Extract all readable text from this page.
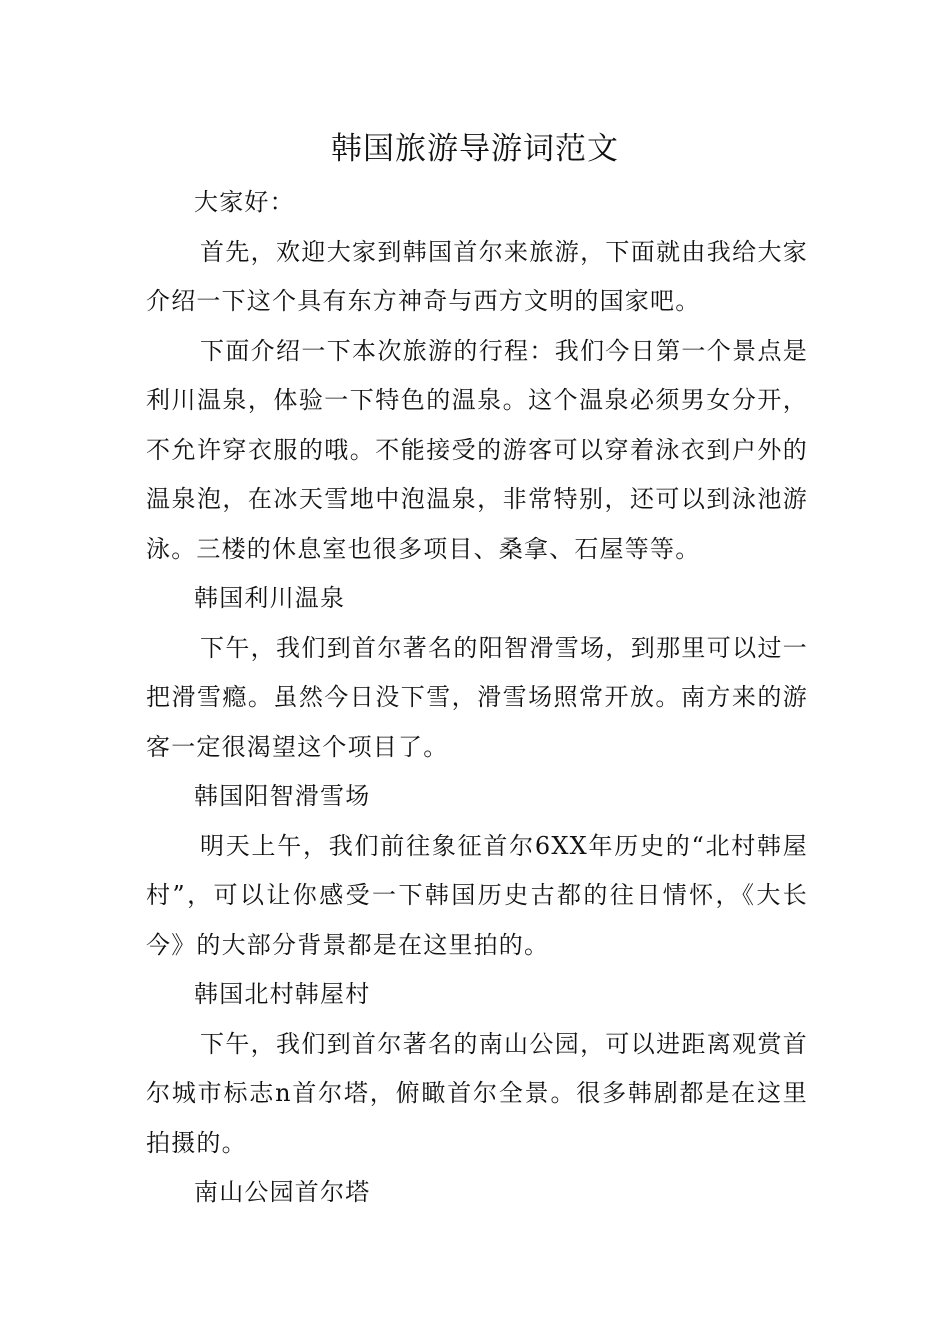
韩国旅游导游词范文

大家好：

首先，欢迎大家到韩国首尔来旅游，下面就由我给大家介绍一下这个具有东方神奇与西方文明的国家吧。

下面介绍一下本次旅游的行程：我们今日第一个景点是利川温泉，体验一下特色的温泉。这个温泉必须男女分开，不允许穿衣服的哦。不能接受的游客可以穿着泳衣到户外的温泉泡，在冰天雪地中泡温泉，非常特别，还可以到泳池游泳。三楼的休息室也很多项目、桑拿、石屋等等。

韩国利川温泉

下午，我们到首尔著名的阳智滑雪场，到那里可以过一把滑雪瘾。虽然今日没下雪，滑雪场照常开放。南方来的游客一定很渴望这个项目了。

韩国阳智滑雪场

明天上午，我们前往象征首尔6XX年历史的“北村韩屋村”，可以让你感受一下韩国历史古都的往日情怀，《大长今》的大部分背景都是在这里拍的。

韩国北村韩屋村

下午，我们到首尔著名的南山公园，可以进距离观赏首尔城市标志n首尔塔，俯瞰首尔全景。很多韩剧都是在这里拍摄的。

南山公园首尔塔
